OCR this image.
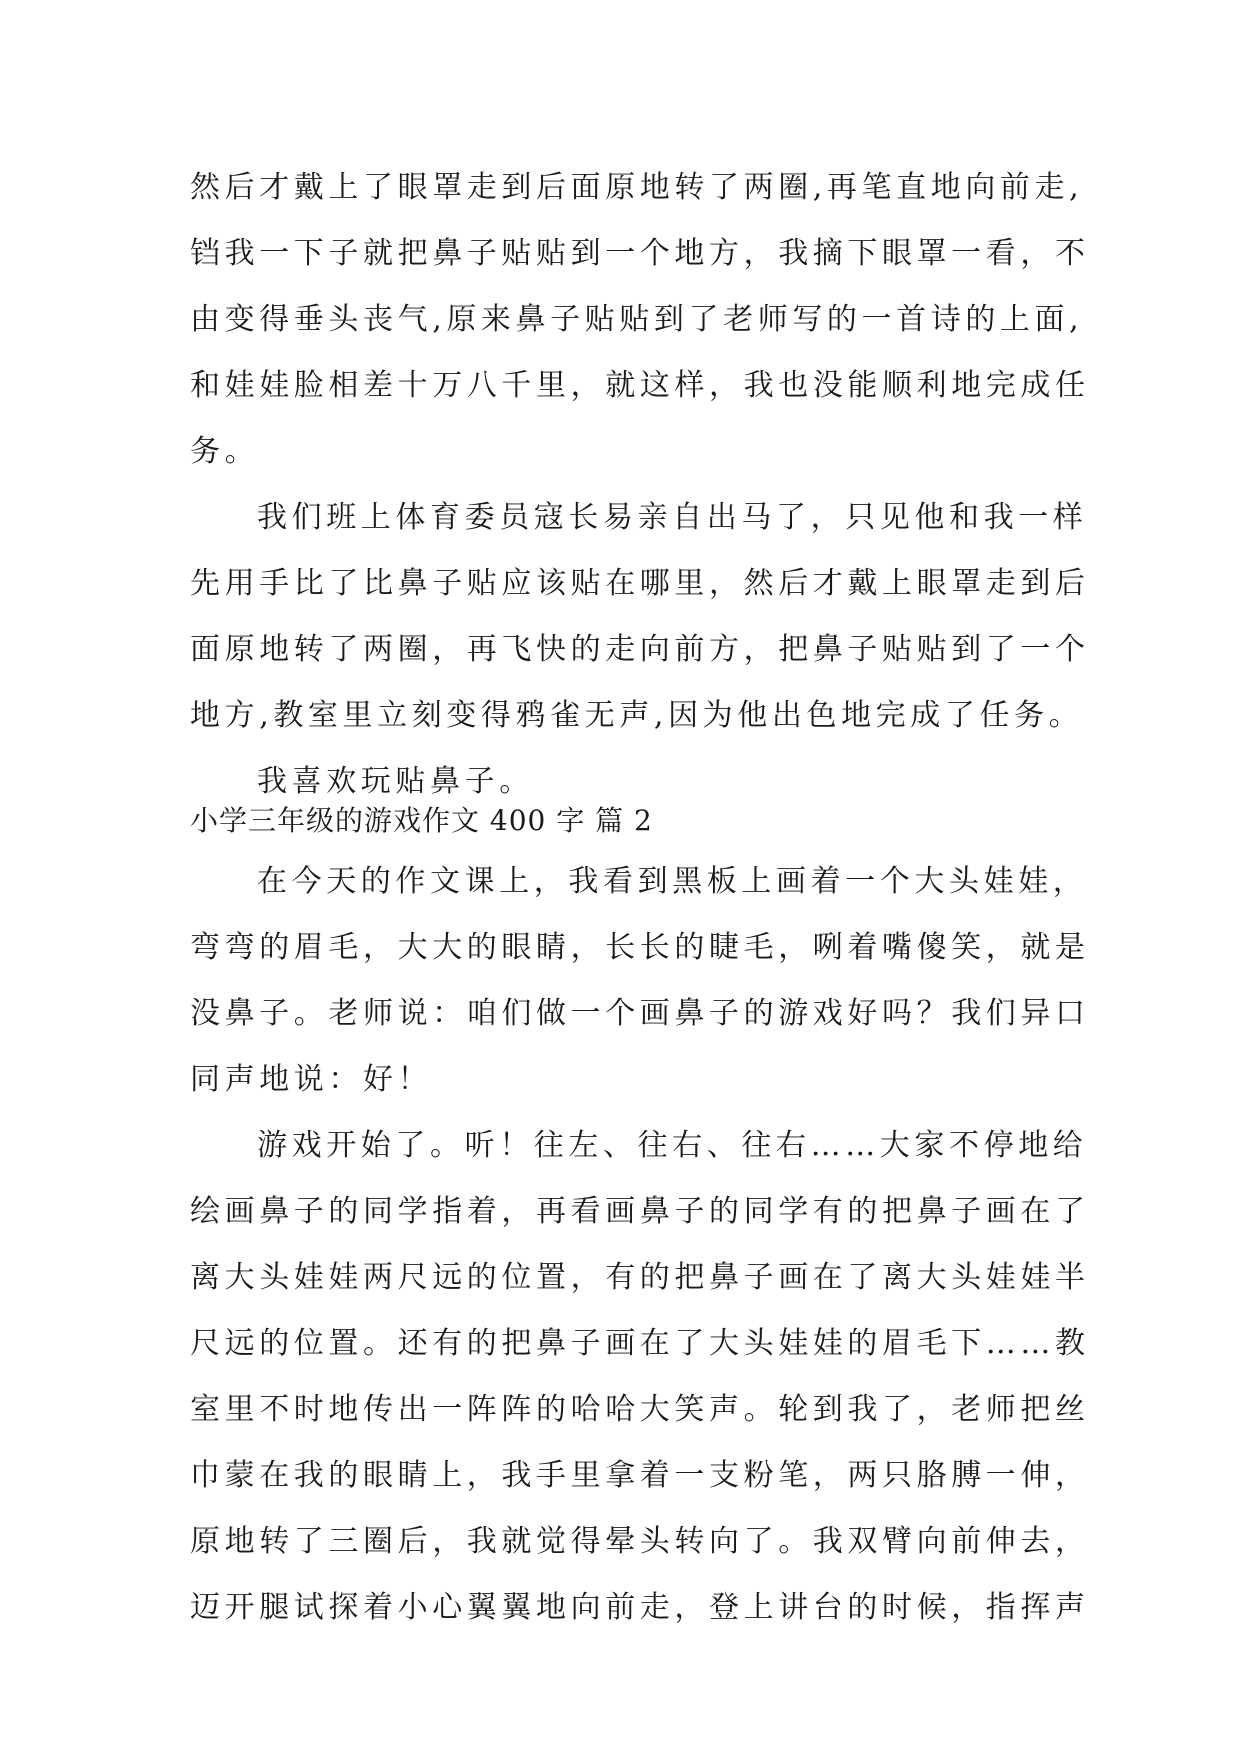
然后才戴上了眼罩走到后面原地转了两圈,再笔直地向前走,
铛我一下子就把鼻子贴贴到一个地方，我摘下眼罩一看，不
由变得垂头丧气,原来鼻子贴贴到了老师写的一首诗的上面,
和娃娃脸相差十万八千里，就这样，我也没能顺利地完成任
务。
我们班上体育委员寇长易亲自出马了，只见他和我一样
先用手比了比鼻子贴应该贴在哪里，然后才戴上眼罩走到后
面原地转了两圈，再飞快的走向前方，把鼻子贴贴到了一个
地方,教室里立刻变得鸦雀无声,因为他出色地完成了任务。
我喜欢玩贴鼻子。
小学三年级的游戏作文 400 字 篇 2
在今天的作文课上，我看到黑板上画着一个大头娃娃，
弯弯的眉毛，大大的眼睛，长长的睫毛，咧着嘴傻笑，就是
没鼻子。老师说：咱们做一个画鼻子的游戏好吗？我们异口
同声地说：好！
游戏开始了。听！往左、往右、往右……大家不停地给
绘画鼻子的同学指着，再看画鼻子的同学有的把鼻子画在了
离大头娃娃两尺远的位置，有的把鼻子画在了离大头娃娃半
尺远的位置。还有的把鼻子画在了大头娃娃的眉毛下……教
室里不时地传出一阵阵的哈哈大笑声。轮到我了，老师把丝
巾蒙在我的眼睛上，我手里拿着一支粉笔，两只胳膊一伸，
原地转了三圈后，我就觉得晕头转向了。我双臂向前伸去，
迈开腿试探着小心翼翼地向前走，登上讲台的时候，指挥声
